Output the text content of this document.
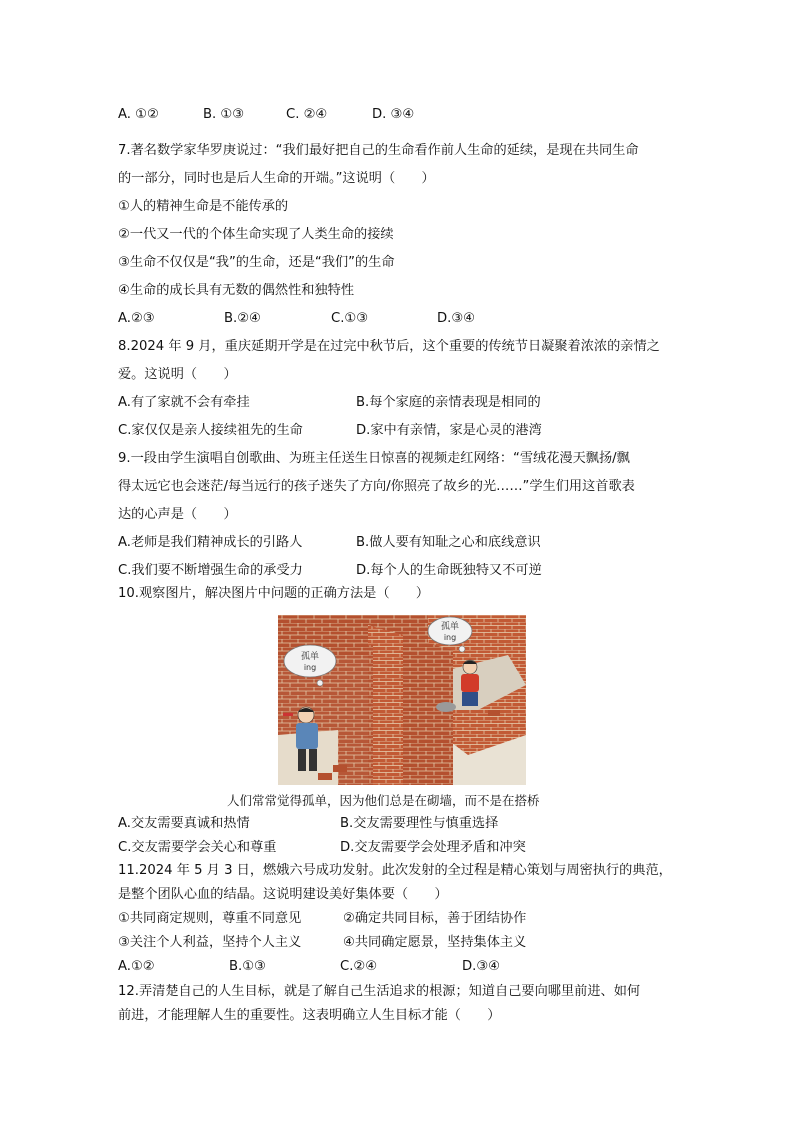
A. ①②	B. ①③	C. ②④	D. ③④
7.著名数学家华罗庚说过：“我们最好把自己的生命看作前人生命的延续，是现在共同生命
的一部分，同时也是后人生命的开端。”这说明（　　）
①人的精神生命是不能传承的
②一代又一代的个体生命实现了人类生命的接续
③生命不仅仅是“我”的生命，还是“我们”的生命
④生命的成长具有无数的偶然性和独特性
A.②③	B.②④	C.①③	D.③④
8.2024 年 9 月，重庆延期开学是在过完中秋节后，这个重要的传统节日凝聚着浓浓的亲情之
爱。这说明（　　）
A.有了家就不会有牵挂	B.每个家庭的亲情表现是相同的
C.家仅仅是亲人接续祖先的生命	D.家中有亲情，家是心灵的港湾
9.一段由学生演唱自创歌曲、为班主任送生日惊喜的视频走红网络：“雪绒花漫天飘扬/飘
得太远它也会迷茫/每当远行的孩子迷失了方向/你照亮了故乡的光……”学生们用这首歌表
达的心声是（　　）
A.老师是我们精神成长的引路人	B.做人要有知耻之心和底线意识
C.我们要不断增强生命的承受力	D.每个人的生命既独特又不可逆
10.观察图片，解决图片中问题的正确方法是（　　）
孤单
ing
孤单
ing
人们常常觉得孤单，因为他们总是在砌墙，而不是在搭桥
A.交友需要真诚和热情	B.交友需要理性与慎重选择
C.交友需要学会关心和尊重	D.交友需要学会处理矛盾和冲突
11.2024 年 5 月 3 日，燃娥六号成功发射。此次发射的全过程是精心策划与周密执行的典范，
是整个团队心血的结晶。这说明建设美好集体要（　　）
①共同商定规则，尊重不同意见	②确定共同目标，善于团结协作
③关注个人利益，坚持个人主义	④共同确定愿景，坚持集体主义
A.①②	B.①③	C.②④	D.③④
12.弄清楚自己的人生目标，就是了解自己生活追求的根源；知道自己要向哪里前进、如何
前进，才能理解人生的重要性。这表明确立人生目标才能（　　）
